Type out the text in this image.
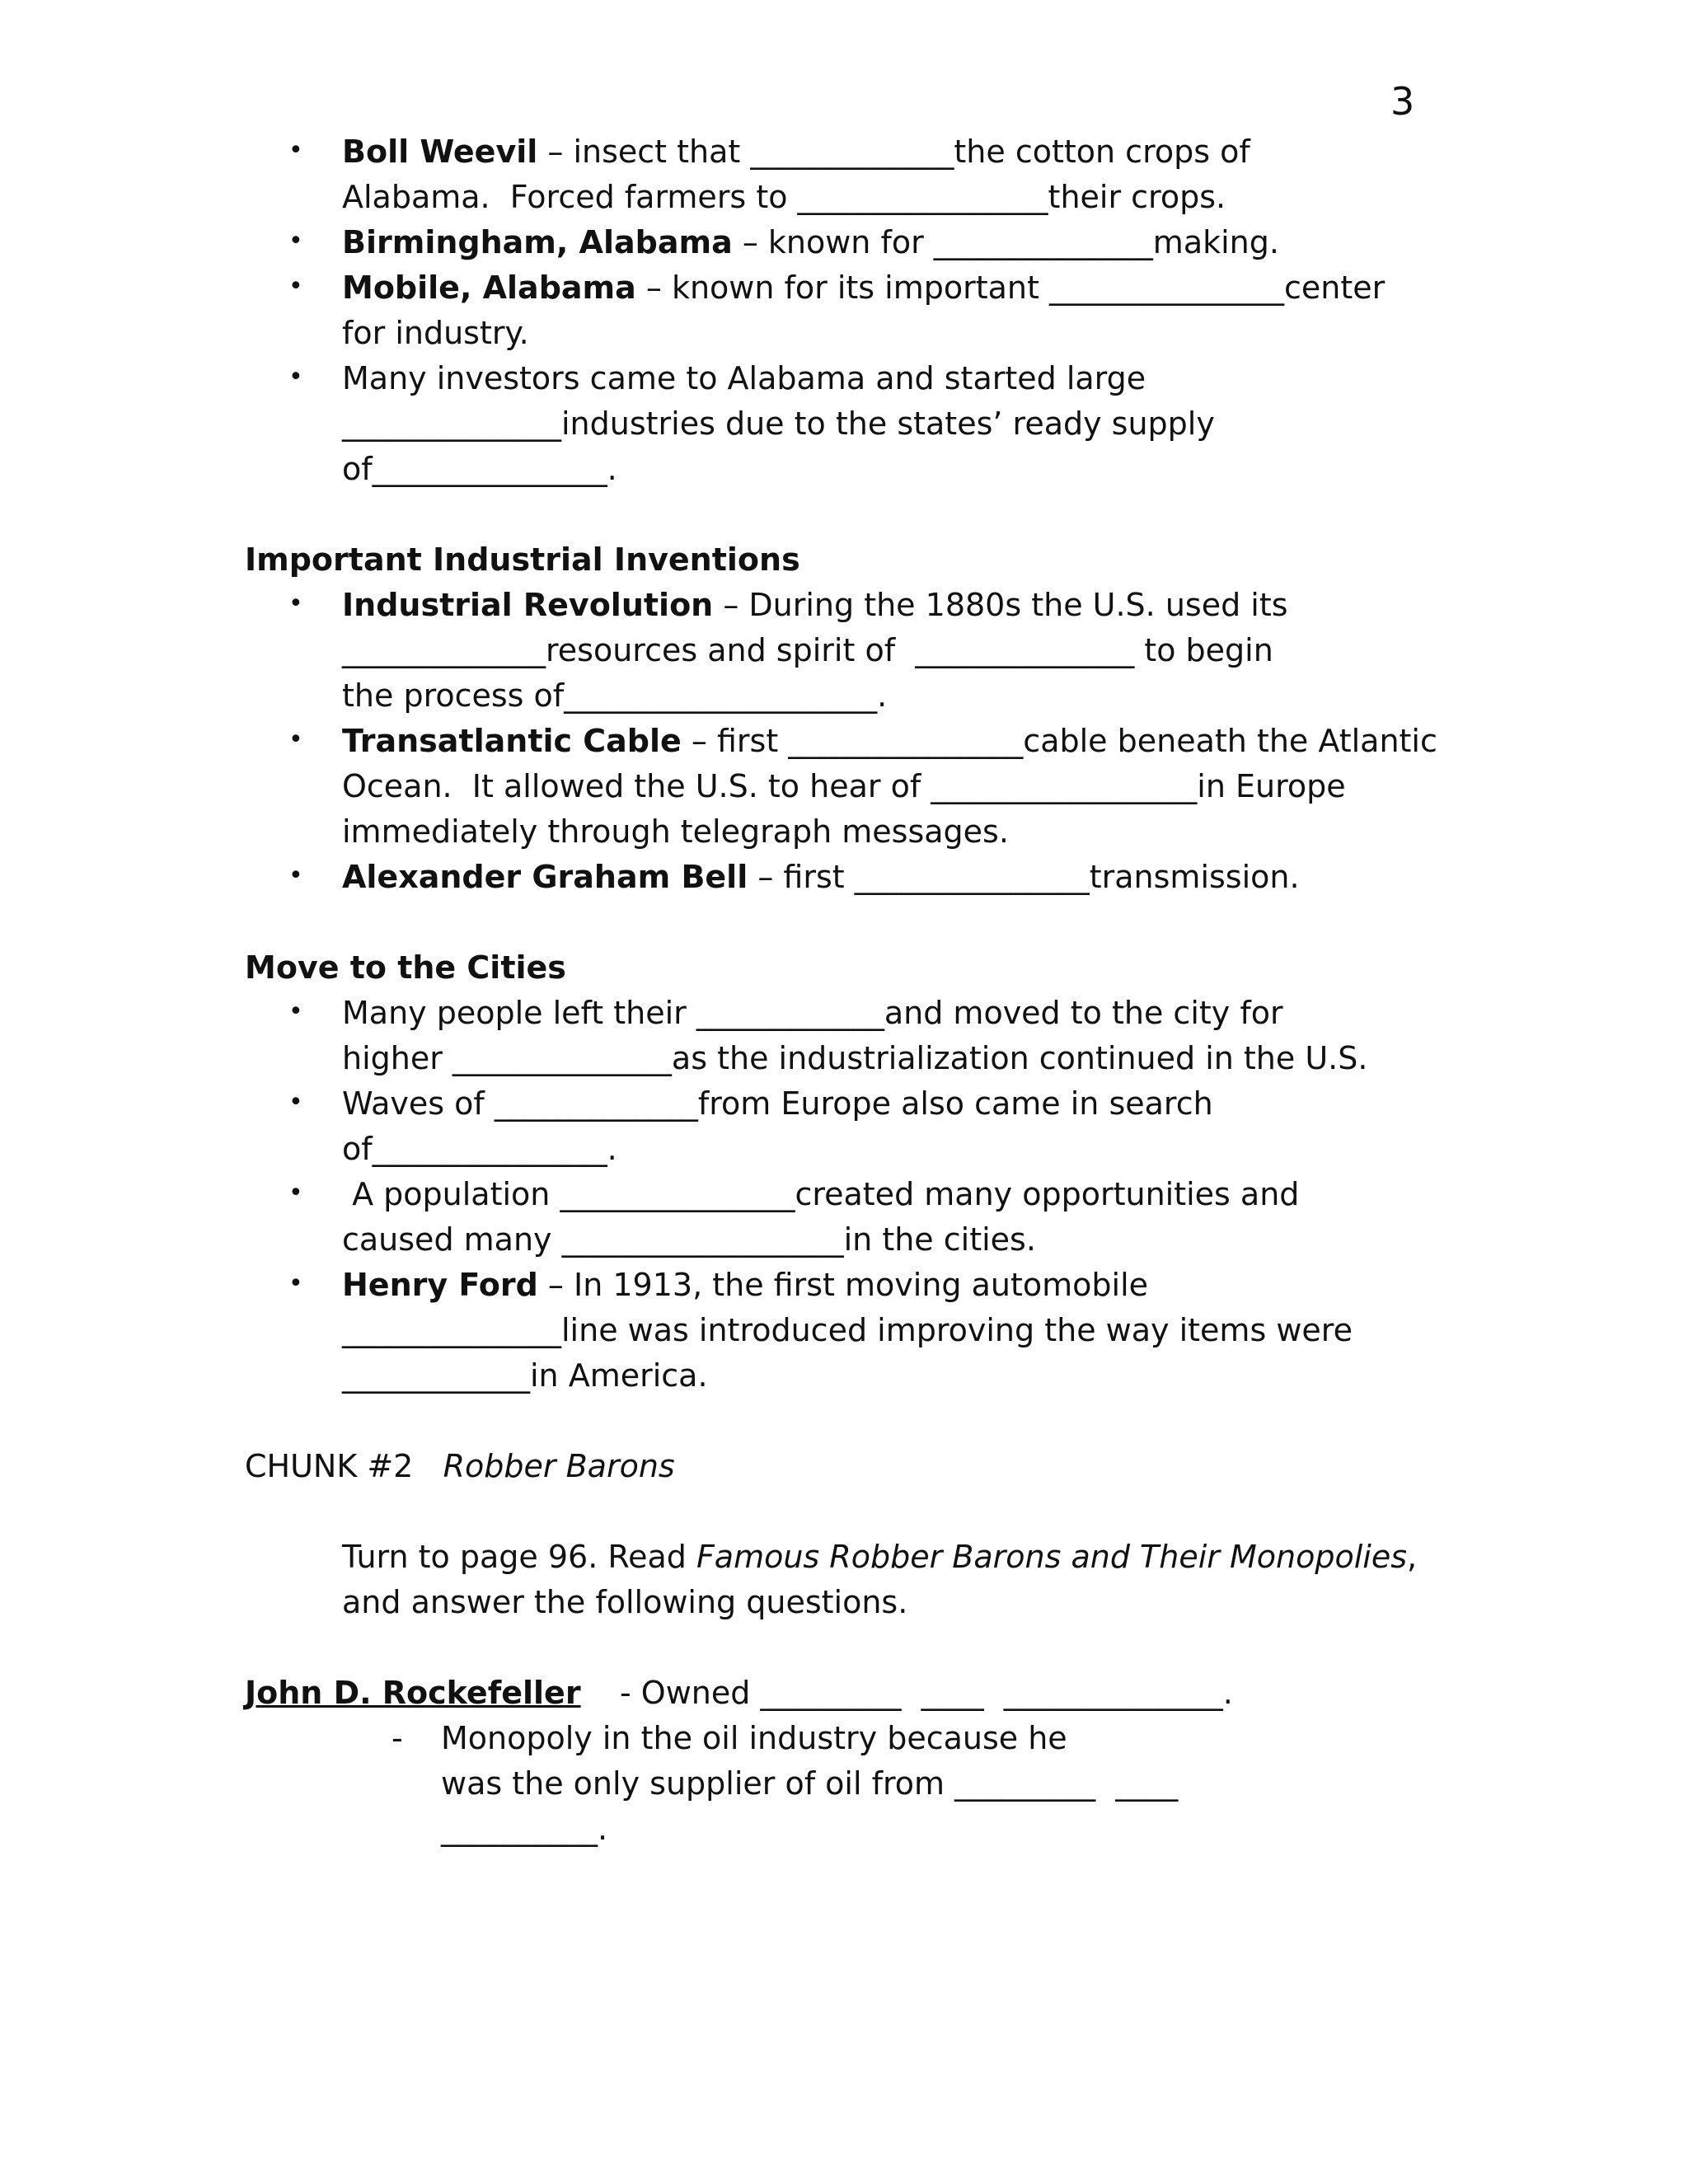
3
• Boll Weevil – insect that _____________the cotton crops of
Alabama.  Forced farmers to ________________their crops.
• Birmingham, Alabama – known for ______________making.
• Mobile, Alabama – known for its important _______________center
for industry.
• Many investors came to Alabama and started large
______________industries due to the states’ ready supply
of_______________.
Important Industrial Inventions
• Industrial Revolution – During the 1880s the U.S. used its
_____________resources and spirit of  ______________ to begin
the process of____________________.
• Transatlantic Cable – first _______________cable beneath the Atlantic
Ocean.  It allowed the U.S. to hear of _________________in Europe
immediately through telegraph messages.
• Alexander Graham Bell – first _______________transmission.
Move to the Cities
• Many people left their ____________and moved to the city for
higher ______________as the industrialization continued in the U.S.
• Waves of _____________from Europe also came in search
of_______________.
• A population _______________created many opportunities and
caused many __________________in the cities.
• Henry Ford – In 1913, the first moving automobile
______________line was introduced improving the way items were
____________in America.
CHUNK #2 Robber Barons
Turn to page 96. Read Famous Robber Barons and Their Monopolies,
and answer the following questions.
John D. Rockefeller - Owned _________  ____  ______________.
- Monopoly in the oil industry because he
was the only supplier of oil from _________  ____
__________.
